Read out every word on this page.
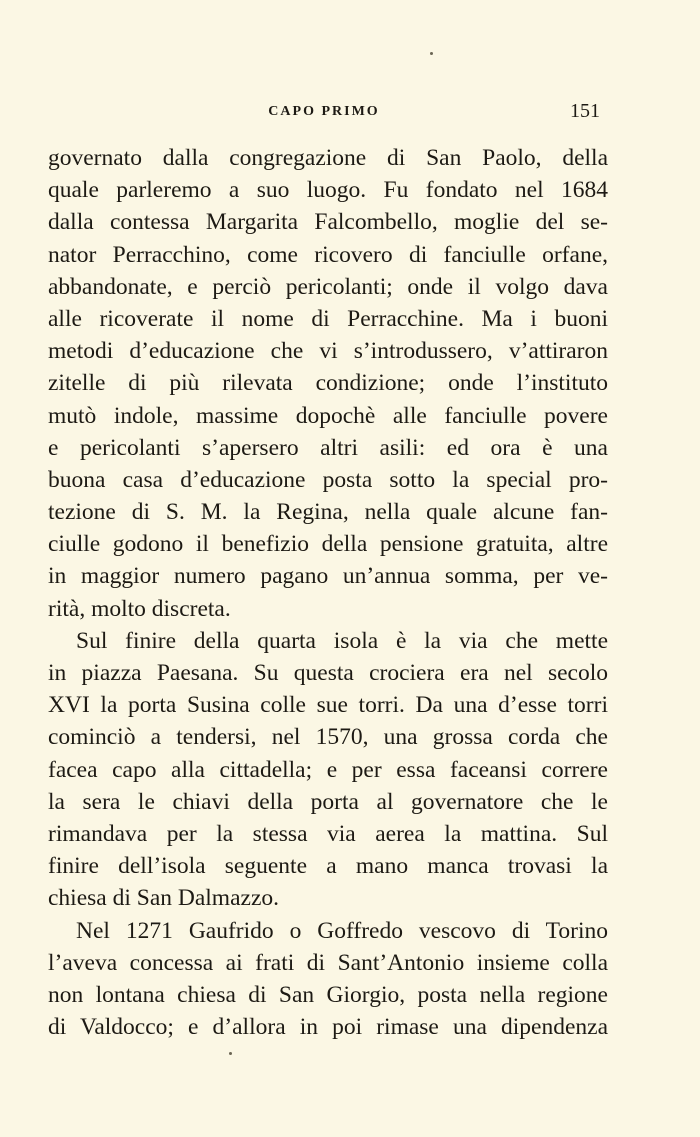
CAPO PRIMO	151
governato dalla congregazione di San Paolo, della
quale parleremo a suo luogo. Fu fondato nel 1684
dalla contessa Margarita Falcombello, moglie del se-
nator Perracchino, come ricovero di fanciulle orfane,
abbandonate, e perciò pericolanti; onde il volgo dava
alle ricoverate il nome di Perracchine. Ma i buoni
metodi d’educazione che vi s’introdussero, v’attiraron
zitelle di più rilevata condizione; onde l’instituto
mutò indole, massime dopochè alle fanciulle povere
e pericolanti s’apersero altri asili: ed ora è una
buona casa d’educazione posta sotto la special pro-
tezione di S. M. la Regina, nella quale alcune fan-
ciulle godono il benefizio della pensione gratuita, altre
in maggior numero pagano un’annua somma, per ve-
rità, molto discreta.
Sul finire della quarta isola è la via che mette
in piazza Paesana. Su questa crociera era nel secolo
XVI la porta Susina colle sue torri. Da una d’esse torri
cominciò a tendersi, nel 1570, una grossa corda che
facea capo alla cittadella; e per essa faceansi correre
la sera le chiavi della porta al governatore che le
rimandava per la stessa via aerea la mattina. Sul
finire dell’isola seguente a mano manca trovasi la
chiesa di San Dalmazzo.
Nel 1271 Gaufrido o Goffredo vescovo di Torino
l’aveva concessa ai frati di Sant’Antonio insieme colla
non lontana chiesa di San Giorgio, posta nella regione
di Valdocco; e d’allora in poi rimase una dipendenza
